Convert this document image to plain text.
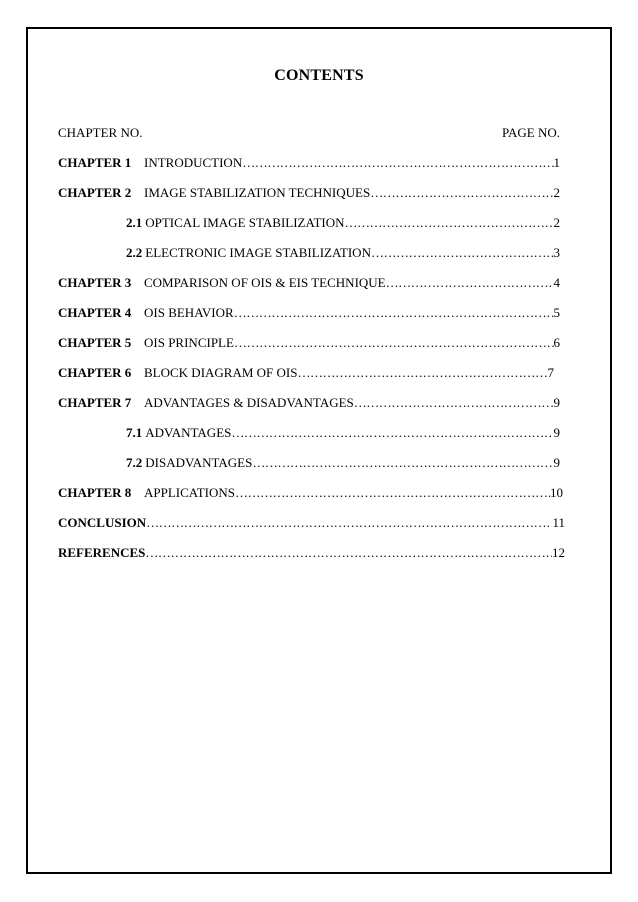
CONTENTS
CHAPTER NO.	PAGE NO.
CHAPTER 1 INTRODUCTION ……………………………………………………………………………………………………………………………………………	1
CHAPTER 2 IMAGE STABILIZATION TECHNIQUES ……………………………………………………………………………………………………………………………………………	2
2.1 OPTICAL IMAGE STABILIZATION ……………………………………………………………………………………………………………………………………………	2
2.2 ELECTRONIC IMAGE STABILIZATION ……………………………………………………………………………………………………………………………………………	3
CHAPTER 3 COMPARISON OF OIS & EIS TECHNIQUE ……………………………………………………………………………………………………………………………………………	4
CHAPTER 4 OIS BEHAVIOR ……………………………………………………………………………………………………………………………………………	5
CHAPTER 5 OIS PRINCIPLE ……………………………………………………………………………………………………………………………………………	6
CHAPTER 6 BLOCK DIAGRAM OF OIS ……………………………………………………………………………………………………………………………………………	7
CHAPTER 7 ADVANTAGES & DISADVANTAGES ……………………………………………………………………………………………………………………………………………	9
7.1 ADVANTAGES ……………………………………………………………………………………………………………………………………………	9
7.2 DISADVANTAGES ……………………………………………………………………………………………………………………………………………	9
CHAPTER 8 APPLICATIONS ……………………………………………………………………………………………………………………………………………	10
CONCLUSION ……………………………………………………………………………………………………………………………………………	11
REFERENCES ……………………………………………………………………………………………………………………………………………	12
